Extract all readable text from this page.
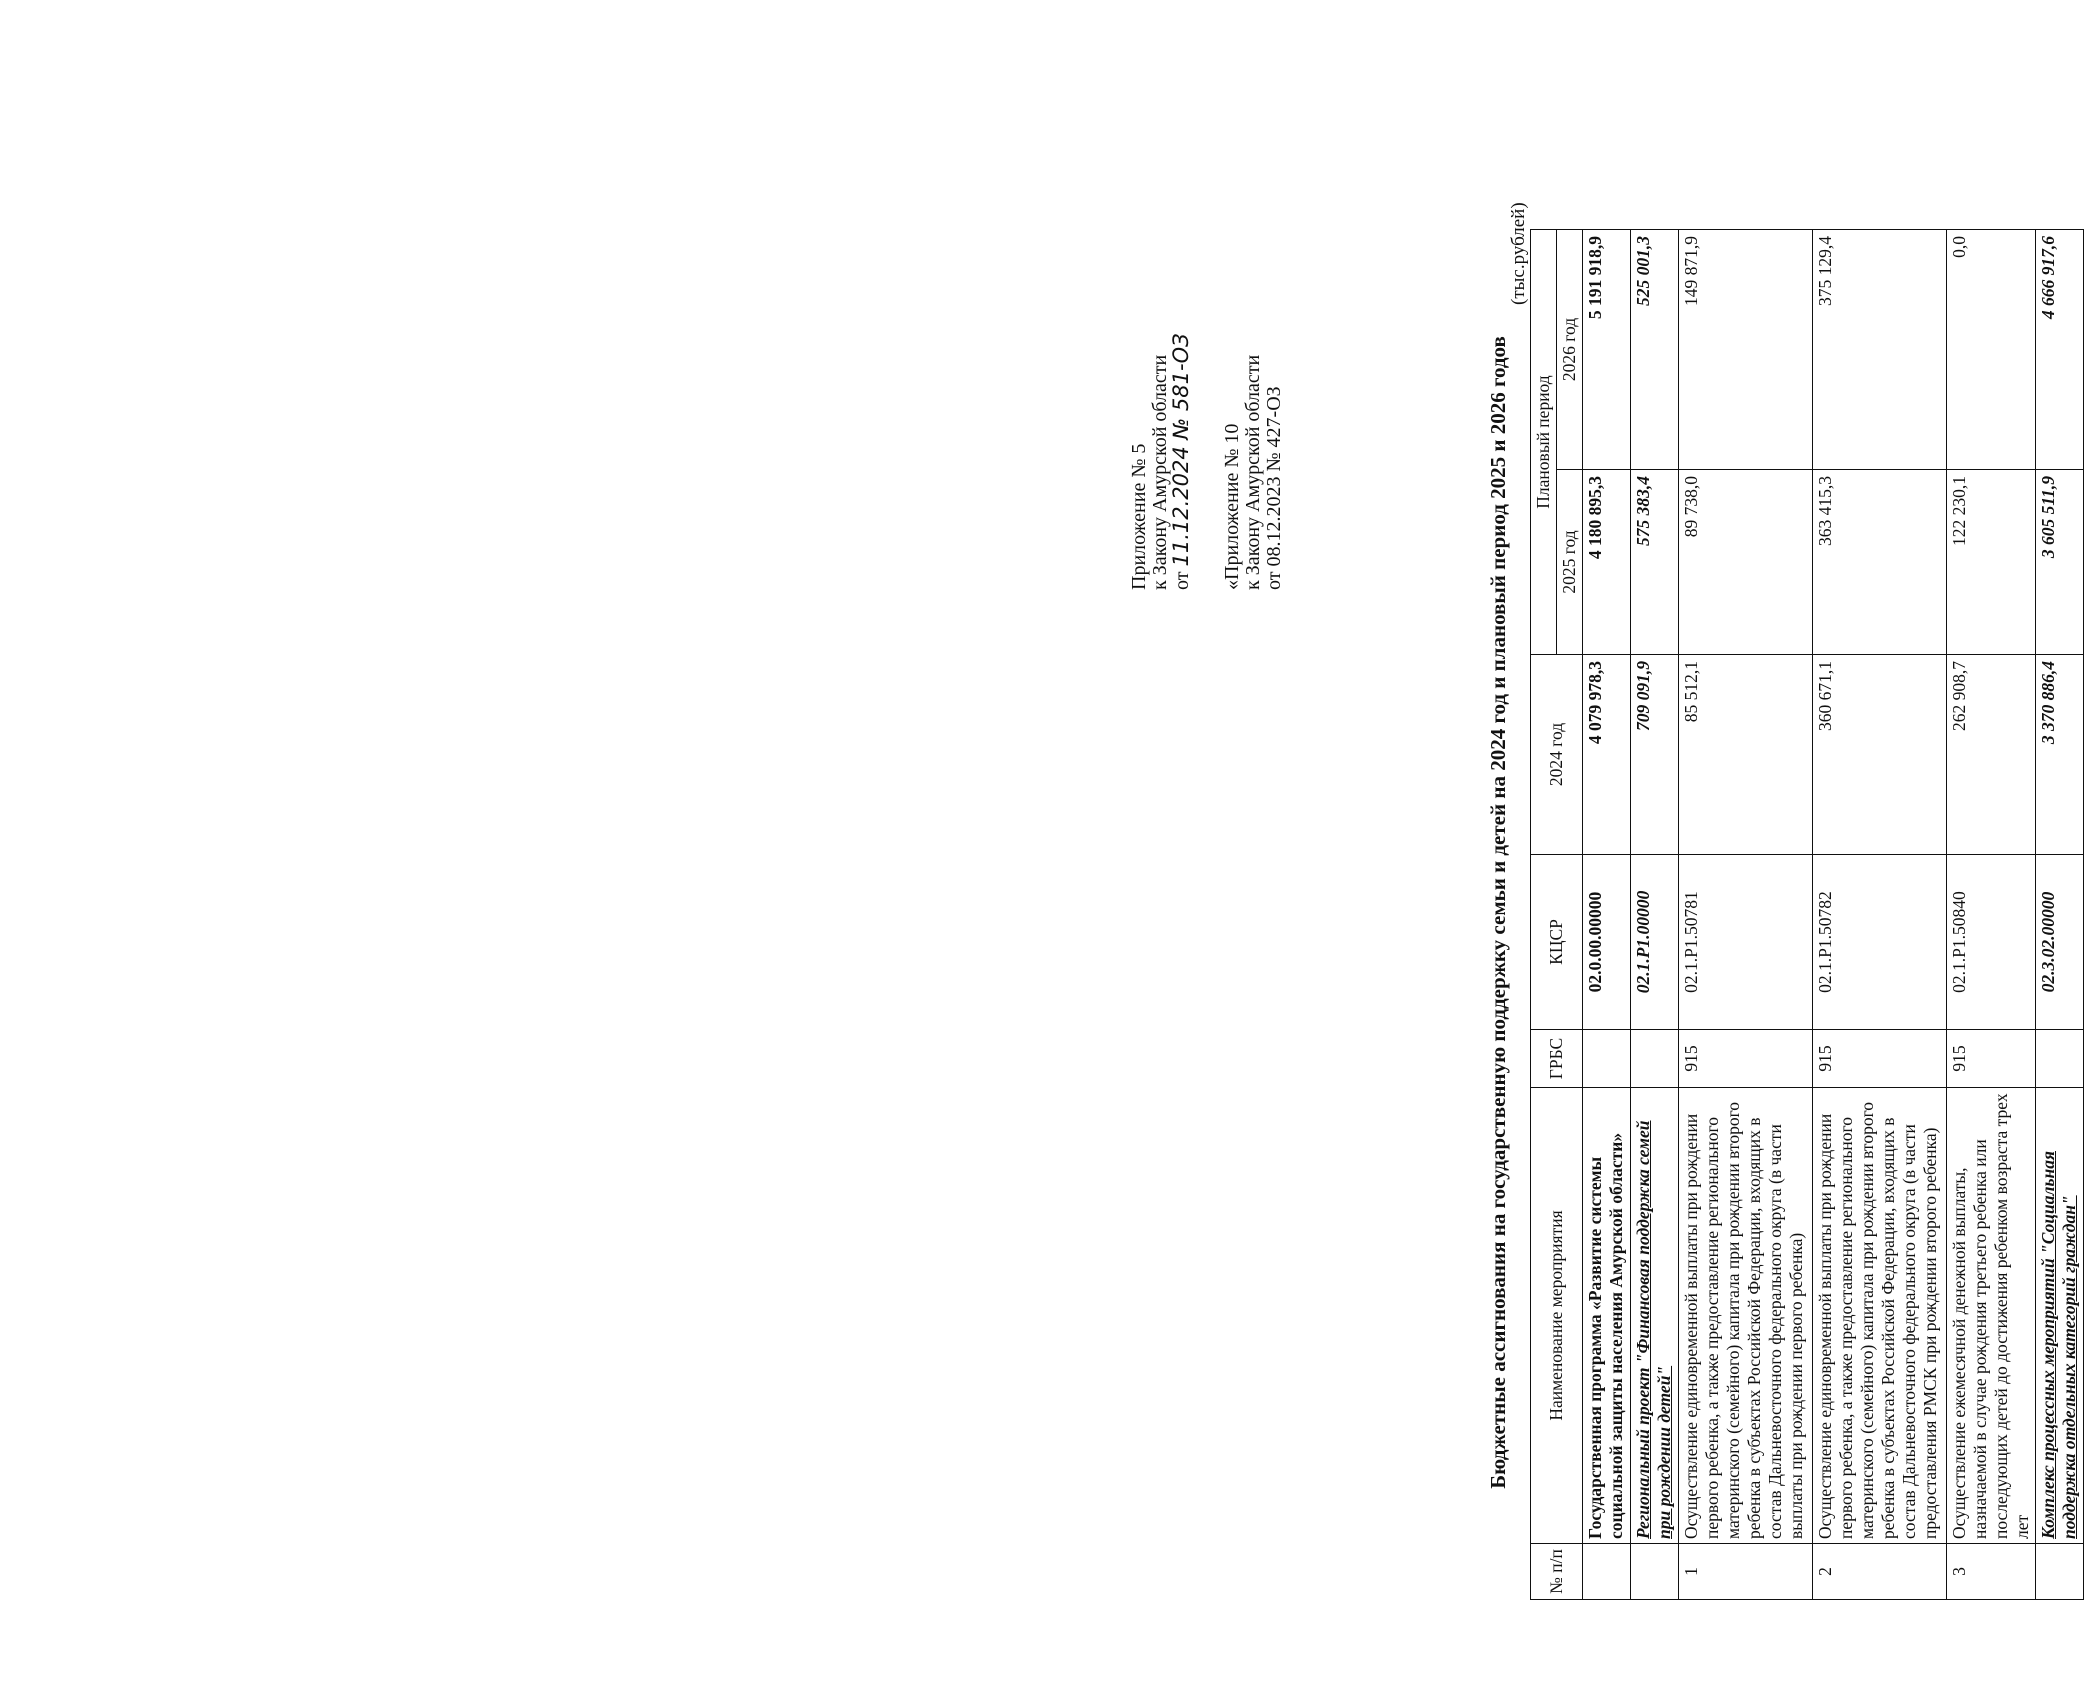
Приложение № 5 к Закону Амурской области от 11.12.2024 № 581-ОЗ «Приложение № 10 к Закону Амурской области от 08.12.2023 № 427-ОЗ	Бюджетные ассигнования на государственную поддержку семьи и детей на 2024 год и плановый период 2025 и 2026 годов
(тыс.рублей)
№ п/п	Наименование мероприятия	ГРБС	КЦСР	2024 год	Плановый период	
					2025 год	2026 год
	Государственная программа «Развитие системы социальной защиты населения Амурской области»		02.0.00.00000	4 079 978,3	4 180 895,3	5 191 918,9
	Региональный проект "Финансовая поддержка семей при рождении детей"		02.1.P1.00000	709 091,9	575 383,4	525 001,3
1	Осуществление единовременной выплаты при рождении первого ребенка, а также предоставление регионального материнского (семейного) капитала при рождении второго ребенка в субъектах Российской Федерации, входящих в состав Дальневосточного федерального округа (в части выплаты при рождении первого ребенка)	915	02.1.P1.50781	85 512,1	89 738,0	149 871,9
2	Осуществление единовременной выплаты при рождении первого ребенка, а также предоставление регионального материнского (семейного) капитала при рождении второго ребенка в субъектах Российской Федерации, входящих в состав Дальневосточного федерального округа (в части предоставления РМСК при рождении второго ребенка)	915	02.1.P1.50782	360 671,1	363 415,3	375 129,4
3	Осуществление ежемесячной денежной выплаты, назначаемой в случае рождения третьего ребенка или последующих детей до достижения ребенком возраста трех лет	915	02.1.P1.50840	262 908,7	122 230,1	0,0
	Комплекс процессных мероприятий "Социальная поддержка отдельных категорий граждан"		02.3.02.00000	3 370 886,4	3 605 511,9	4 666 917,6
